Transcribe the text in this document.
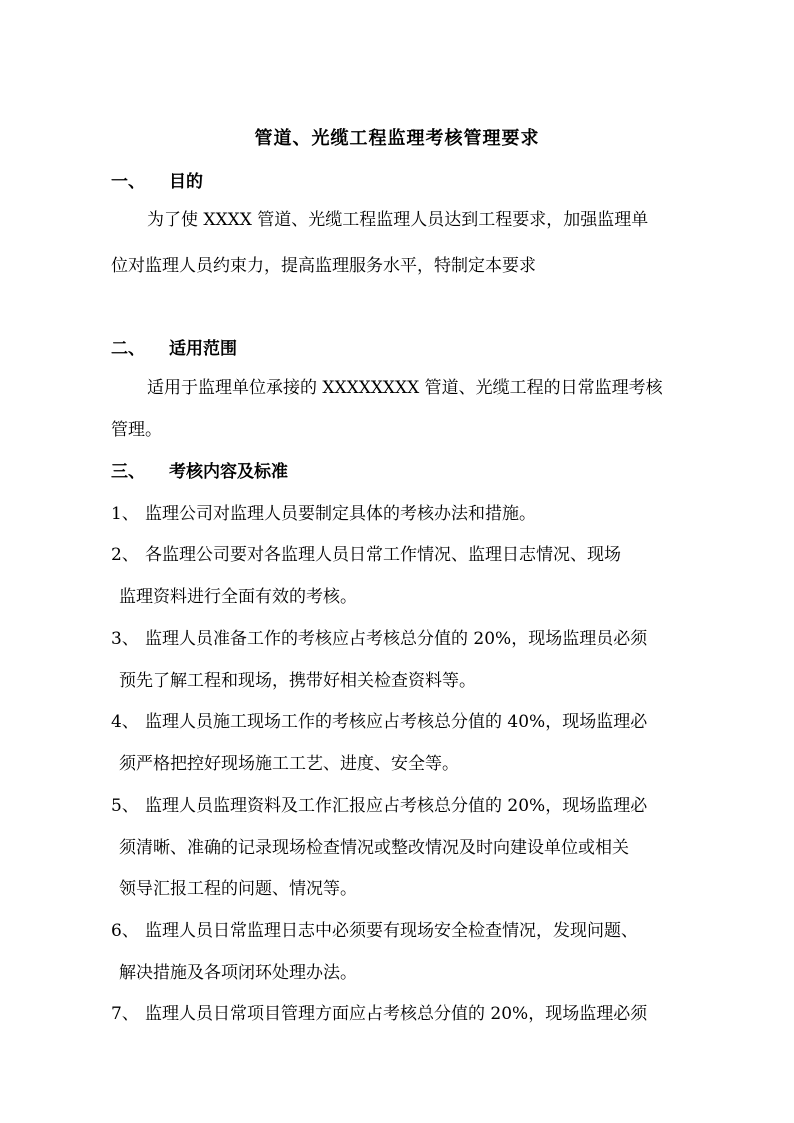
管道、光缆工程监理考核管理要求
一、 目的
为了使 XXXX 管道、光缆工程监理人员达到工程要求，加强监理单
位对监理人员约束力，提高监理服务水平，特制定本要求
二、 适用范围
适用于监理单位承接的 XXXXXXXX 管道、光缆工程的日常监理考核
管理。
三、 考核内容及标准
1、 监理公司对监理人员要制定具体的考核办法和措施。
2、 各监理公司要对各监理人员日常工作情况、监理日志情况、现场
监理资料进行全面有效的考核。
3、 监理人员准备工作的考核应占考核总分值的 20%，现场监理员必须
预先了解工程和现场，携带好相关检查资料等。
4、 监理人员施工现场工作的考核应占考核总分值的 40%，现场监理必
须严格把控好现场施工工艺、进度、安全等。
5、 监理人员监理资料及工作汇报应占考核总分值的 20%，现场监理必
须清晰、准确的记录现场检查情况或整改情况及时向建设单位或相关
领导汇报工程的问题、情况等。
6、 监理人员日常监理日志中必须要有现场安全检查情况，发现问题、
解决措施及各项闭环处理办法。
7、 监理人员日常项目管理方面应占考核总分值的 20%，现场监理必须
